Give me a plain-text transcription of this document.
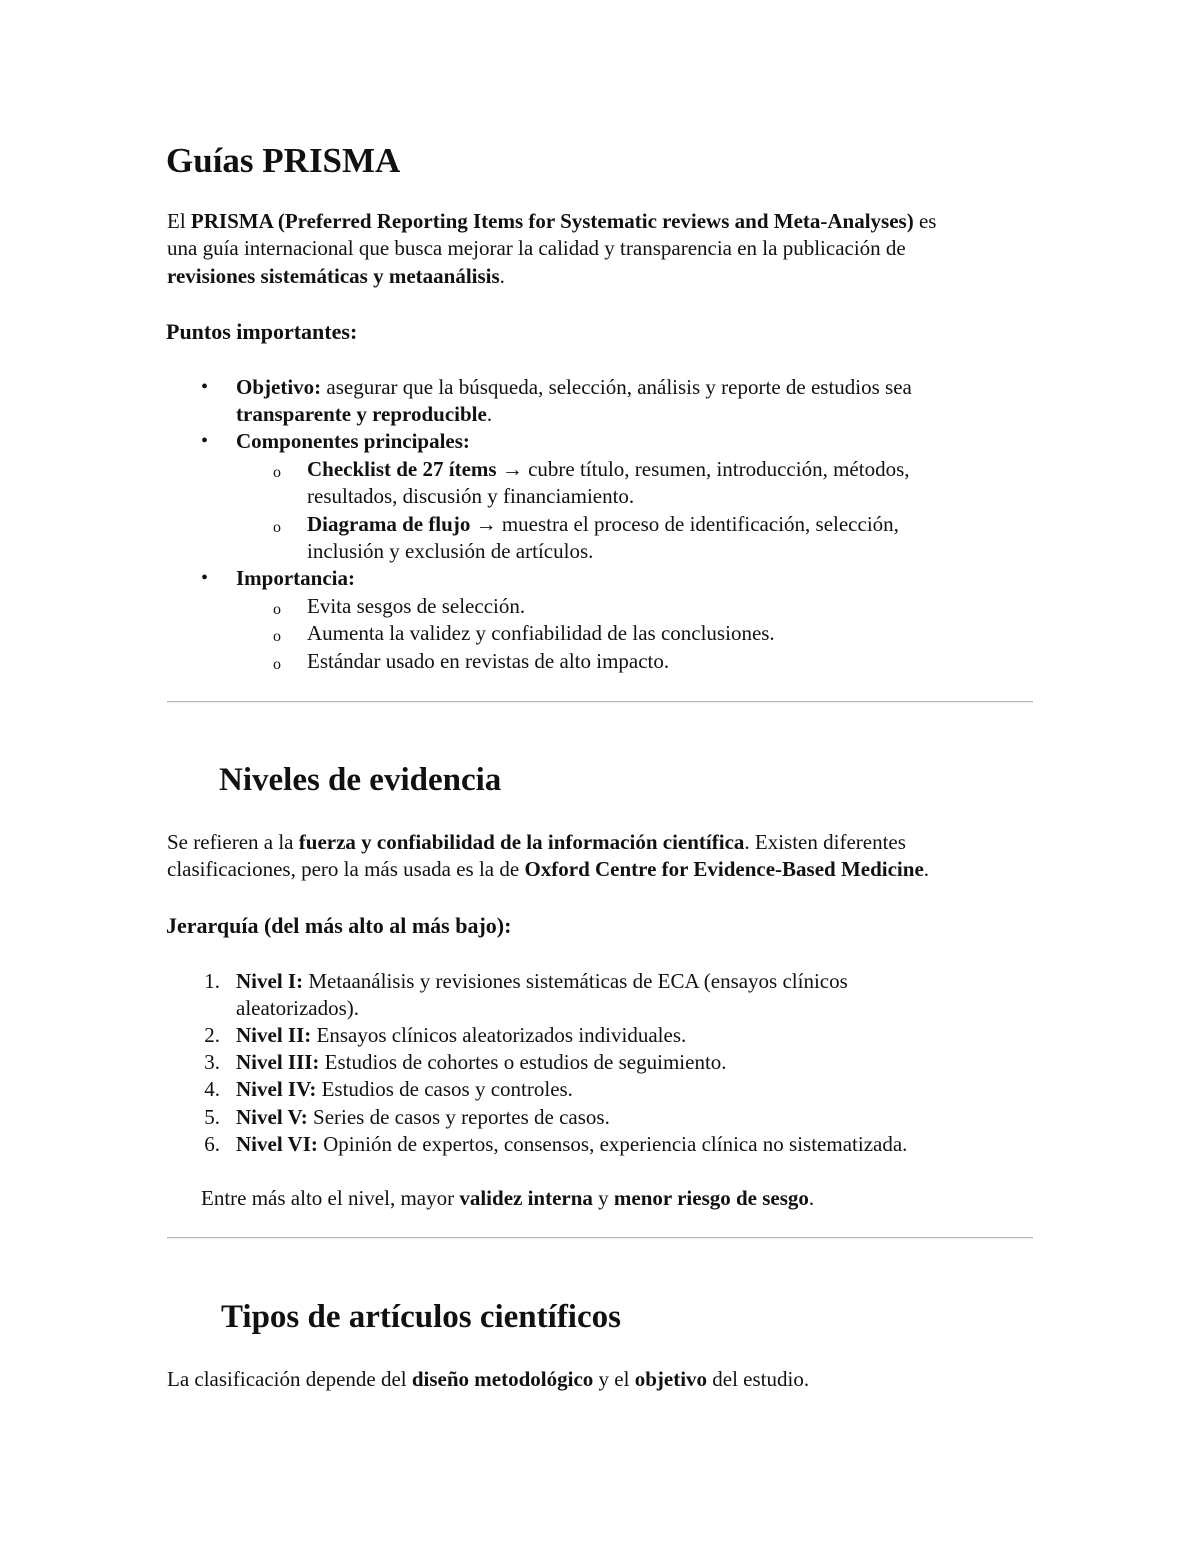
Guías PRISMA

El PRISMA (Preferred Reporting Items for Systematic reviews and Meta-Analyses) es

una guía internacional que busca mejorar la calidad y transparencia en la publicación de

revisiones sistemáticas y metaanálisis.

Puntos importantes:
• Objetivo: asegurar que la búsqueda, selección, análisis y reporte de estudios sea

transparente y reproducible.

• Componentes principales:

o Checklist de 27 ítems → cubre título, resumen, introducción, métodos,

resultados, discusión y financiamiento.

o Diagrama de flujo → muestra el proceso de identificación, selección,

inclusión y exclusión de artículos.

• Importancia:

o Evita sesgos de selección.

o Aumenta la validez y confiabilidad de las conclusiones.

o Estándar usado en revistas de alto impacto.

Niveles de evidencia

Se refieren a la fuerza y confiabilidad de la información científica. Existen diferentes

clasificaciones, pero la más usada es la de Oxford Centre for Evidence-Based Medicine.

Jerarquía (del más alto al más bajo):
1. Nivel I: Metaanálisis y revisiones sistemáticas de ECA (ensayos clínicos

aleatorizados).

2. Nivel II: Ensayos clínicos aleatorizados individuales.

3. Nivel III: Estudios de cohortes o estudios de seguimiento.

4. Nivel IV: Estudios de casos y controles.

5. Nivel V: Series de casos y reportes de casos.

6. Nivel VI: Opinión de expertos, consensos, experiencia clínica no sistematizada.

Entre más alto el nivel, mayor validez interna y menor riesgo de sesgo.

Tipos de artículos científicos

La clasificación depende del diseño metodológico y el objetivo del estudio.
